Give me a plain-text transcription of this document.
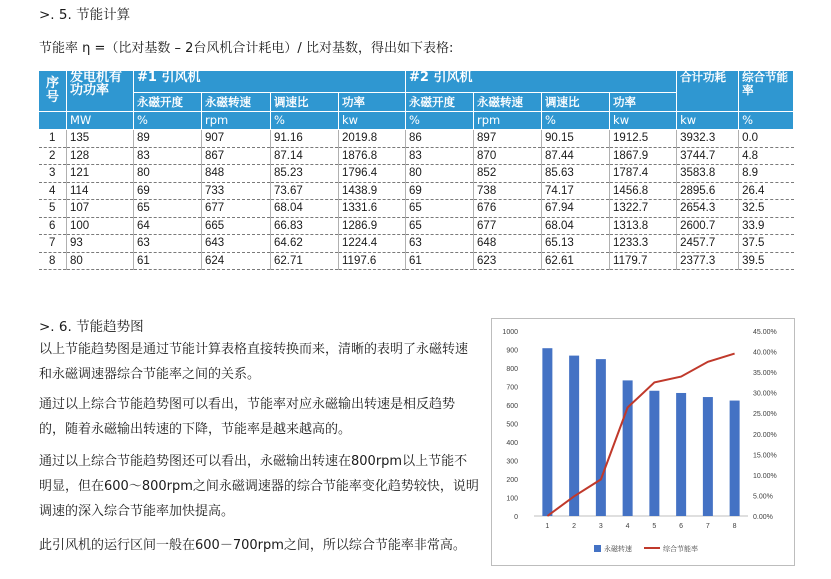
>. 5. 节能计算
节能率 η =（比对基数 – 2台风机合计耗电）/ 比对基数，得出如下表格:
序号	发电机有功功率	#1 引风机				#2 引风机				合计功耗	综合节能率
		永磁开度	永磁转速	调速比	功率	永磁开度	永磁转速	调速比	功率		
	MW	%	rpm	%	kw	%	rpm	%	kw	kw	%
1	135	89	907	91.16	2019.8	86	897	90.15	1912.5	3932.3	0.0
2	128	83	867	87.14	1876.8	83	870	87.44	1867.9	3744.7	4.8
3	121	80	848	85.23	1796.4	80	852	85.63	1787.4	3583.8	8.9
4	114	69	733	73.67	1438.9	69	738	74.17	1456.8	2895.6	26.4
5	107	65	677	68.04	1331.6	65	676	67.94	1322.7	2654.3	32.5
6	100	64	665	66.83	1286.9	65	677	68.04	1313.8	2600.7	33.9
7	93	63	643	64.62	1224.4	63	648	65.13	1233.3	2457.7	37.5
8	80	61	624	62.71	1197.6	61	623	62.61	1179.7	2377.3	39.5
>. 6. 节能趋势图

以上节能趋势图是通过节能计算表格直接转换而来，清晰的表明了永磁转速和永磁调速器综合节能率之间的关系。

通过以上综合节能趋势图可以看出，节能率对应永磁输出转速是相反趋势的，随着永磁输出转速的下降，节能率是越来越高的。

通过以上综合节能趋势图还可以看出，永磁输出转速在800rpm以上节能不明显，但在600～800rpm之间永磁调速器的综合节能率变化趋势较快，说明调速的深入综合节能率加快提高。

此引风机的运行区间一般在600－700rpm之间，所以综合节能率非常高。

0
100
200
300
400
500
600
700
800
900
1000
0.00%
5.00%
10.00%
15.00%
20.00%
25.00%
30.00%
35.00%
40.00%
45.00%
1	2	3	4	5	6	7	8
永磁转速	综合节能率
